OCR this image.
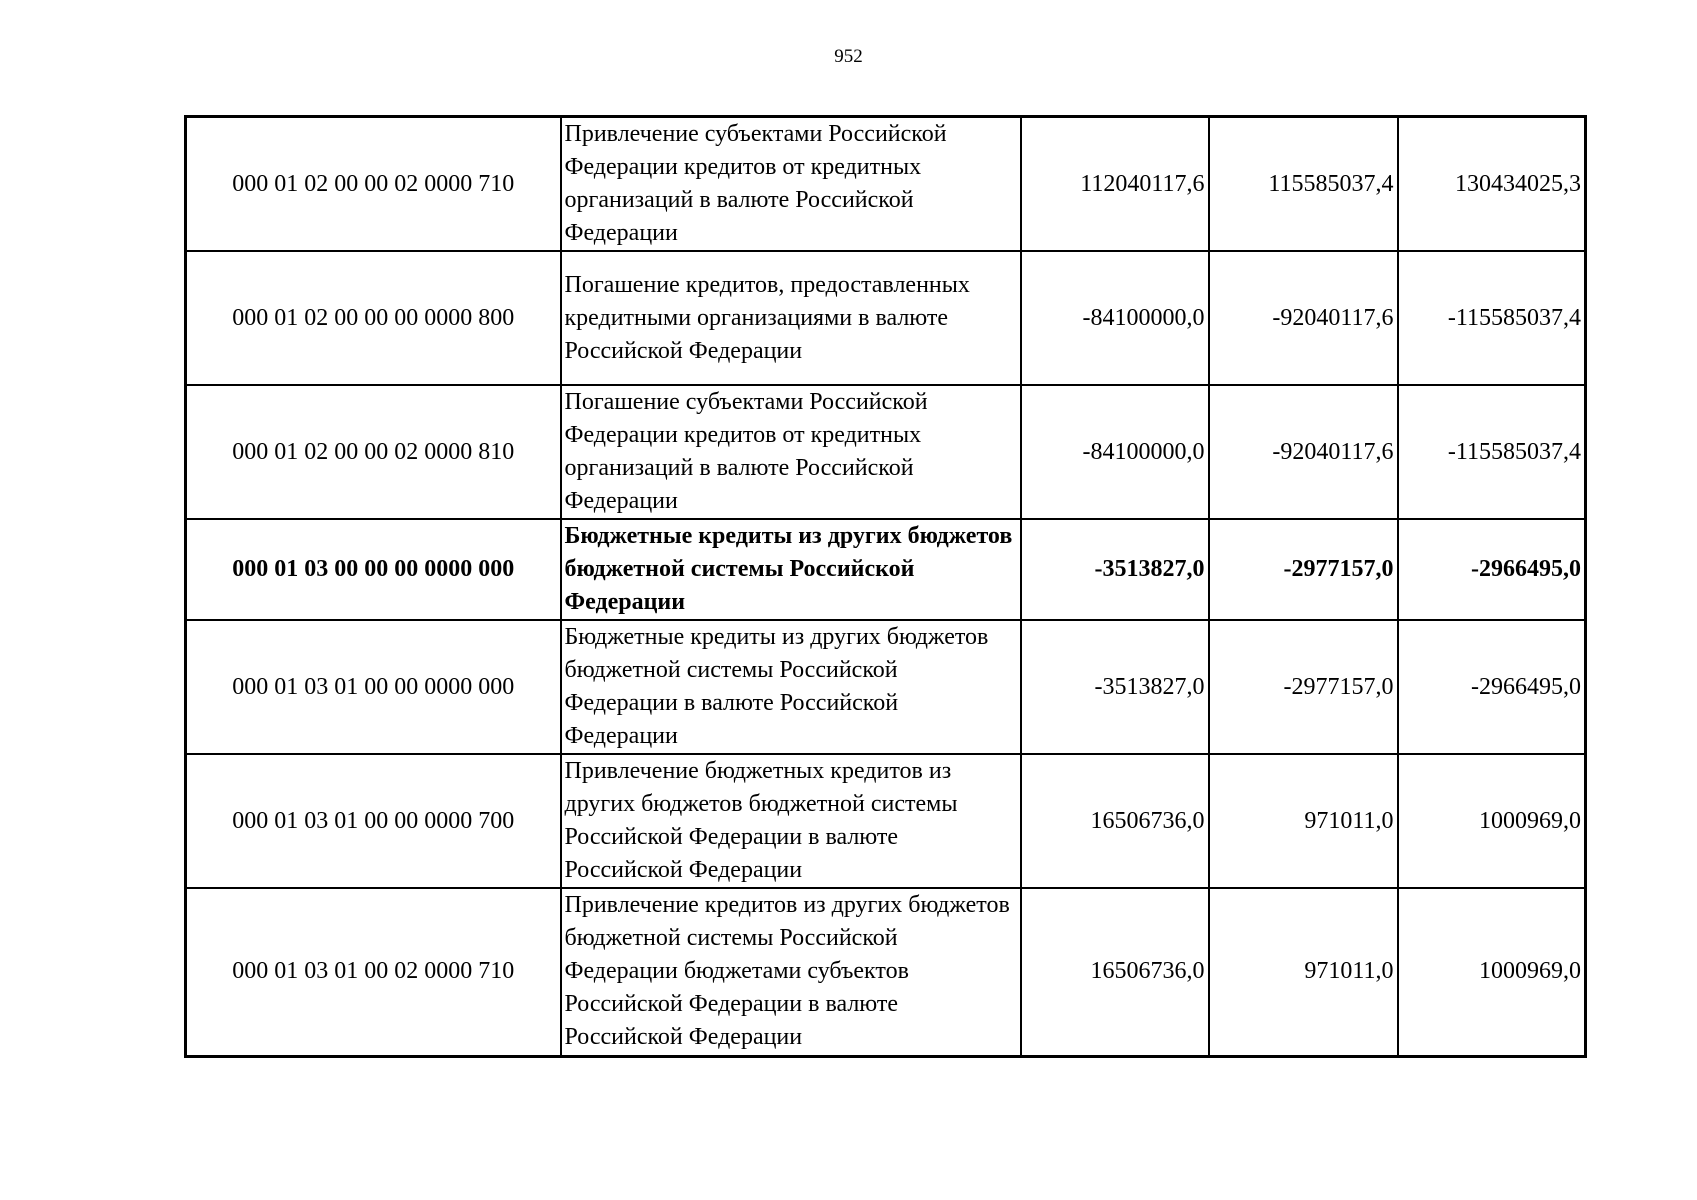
952
000 01 02 00 00 02 0000 710	Привлечение субъектами Российской Федерации кредитов от кредитных организаций в валюте Российской Федерации	112040117,6	115585037,4	130434025,3
000 01 02 00 00 00 0000 800	Погашение кредитов, предоставленных кредитными организациями в валюте Российской Федерации	-84100000,0	-92040117,6	-115585037,4
000 01 02 00 00 02 0000 810	Погашение субъектами Российской Федерации кредитов от кредитных организаций в валюте Российской Федерации	-84100000,0	-92040117,6	-115585037,4
000 01 03 00 00 00 0000 000	Бюджетные кредиты из других бюджетов бюджетной системы Российской Федерации	-3513827,0	-2977157,0	-2966495,0
000 01 03 01 00 00 0000 000	Бюджетные кредиты из других бюджетов бюджетной системы Российской Федерации в валюте Российской Федерации	-3513827,0	-2977157,0	-2966495,0
000 01 03 01 00 00 0000 700	Привлечение бюджетных кредитов из других бюджетов бюджетной системы Российской Федерации в валюте Российской Федерации	16506736,0	971011,0	1000969,0
000 01 03 01 00 02 0000 710	Привлечение кредитов из других бюджетов бюджетной системы Российской Федерации бюджетами субъектов Российской Федерации в валюте Российской Федерации	16506736,0	971011,0	1000969,0
